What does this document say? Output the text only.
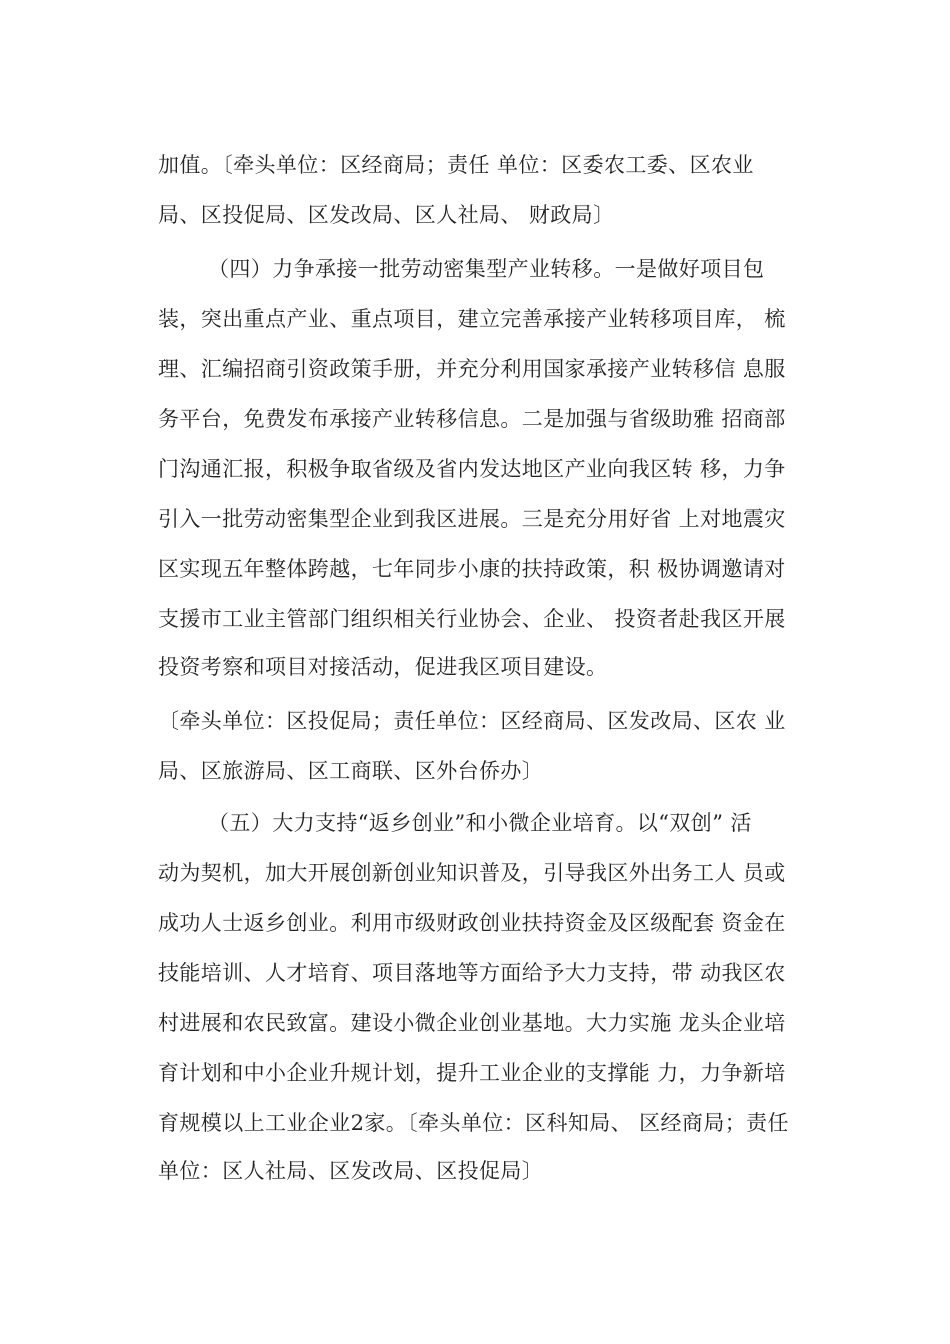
加值。〔牵头单位：区经商局；责任 单位：区委农工委、区农业
局、区投促局、区发改局、区人社局、 财政局〕
（四）力争承接一批劳动密集型产业转移。一是做好项目包
装，突出重点产业、重点项目，建立完善承接产业转移项目库， 梳
理、汇编招商引资政策手册，并充分利用国家承接产业转移信 息服
务平台，免费发布承接产业转移信息。二是加强与省级助雅 招商部
门沟通汇报，积极争取省级及省内发达地区产业向我区转 移，力争
引入一批劳动密集型企业到我区进展。三是充分用好省 上对地震灾
区实现五年整体跨越，七年同步小康的扶持政策，积 极协调邀请对
支援市工业主管部门组织相关行业协会、企业、 投资者赴我区开展
投资考察和项目对接活动，促进我区项目建设。
〔牵头单位：区投促局；责任单位：区经商局、区发改局、区农 业
局、区旅游局、区工商联、区外台侨办〕
（五）大力支持“返乡创业”和小微企业培育。以“双创” 活
动为契机，加大开展创新创业知识普及，引导我区外出务工人 员或
成功人士返乡创业。利用市级财政创业扶持资金及区级配套 资金在
技能培训、人才培育、项目落地等方面给予大力支持，带 动我区农
村进展和农民致富。建设小微企业创业基地。大力实施 龙头企业培
育计划和中小企业升规计划，提升工业企业的支撑能 力，力争新培
育规模以上工业企业2家。〔牵头单位：区科知局、 区经商局；责任
单位：区人社局、区发改局、区投促局〕
